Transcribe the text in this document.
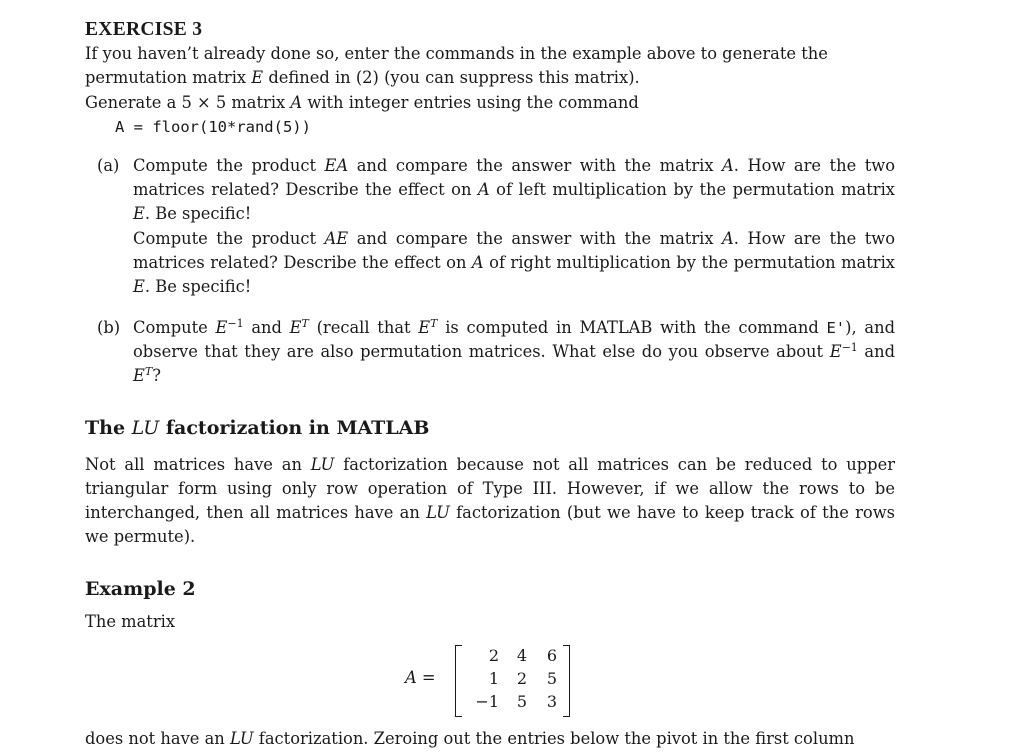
EXERCISE 3

If you haven’t already done so, enter the commands in the example above to generate the
permutation matrix E defined in (2) (you can suppress this matrix).
Generate a 5 × 5 matrix A with integer entries using the command

A = floor(10*rand(5))

(a) Compute the product EA and compare the answer with the matrix A. How are the two matrices related? Describe the effect on A of left multiplication by the permutation matrix E. Be specific!
Compute the product AE and compare the answer with the matrix A. How are the two matrices related? Describe the effect on A of right multiplication by the permutation matrix E. Be specific!
(b) Compute $E^{-1}$ and $E^T$ (recall that $E^T$ is computed in MATLAB with the command E'), and observe that they are also permutation matrices. What else do you observe about $E^{-1}$ and $E^T$?
The LU factorization in MATLAB

Not all matrices have an LU factorization because not all matrices can be reduced to upper triangular form using only row operation of Type III. However, if we allow the rows to be interchanged, then all matrices have an LU factorization (but we have to keep track of the rows we permute).

Example 2

The matrix

A =
2	4	6
1	2	5
−1	5	3

does not have an LU factorization. Zeroing out the entries below the pivot in the first column
